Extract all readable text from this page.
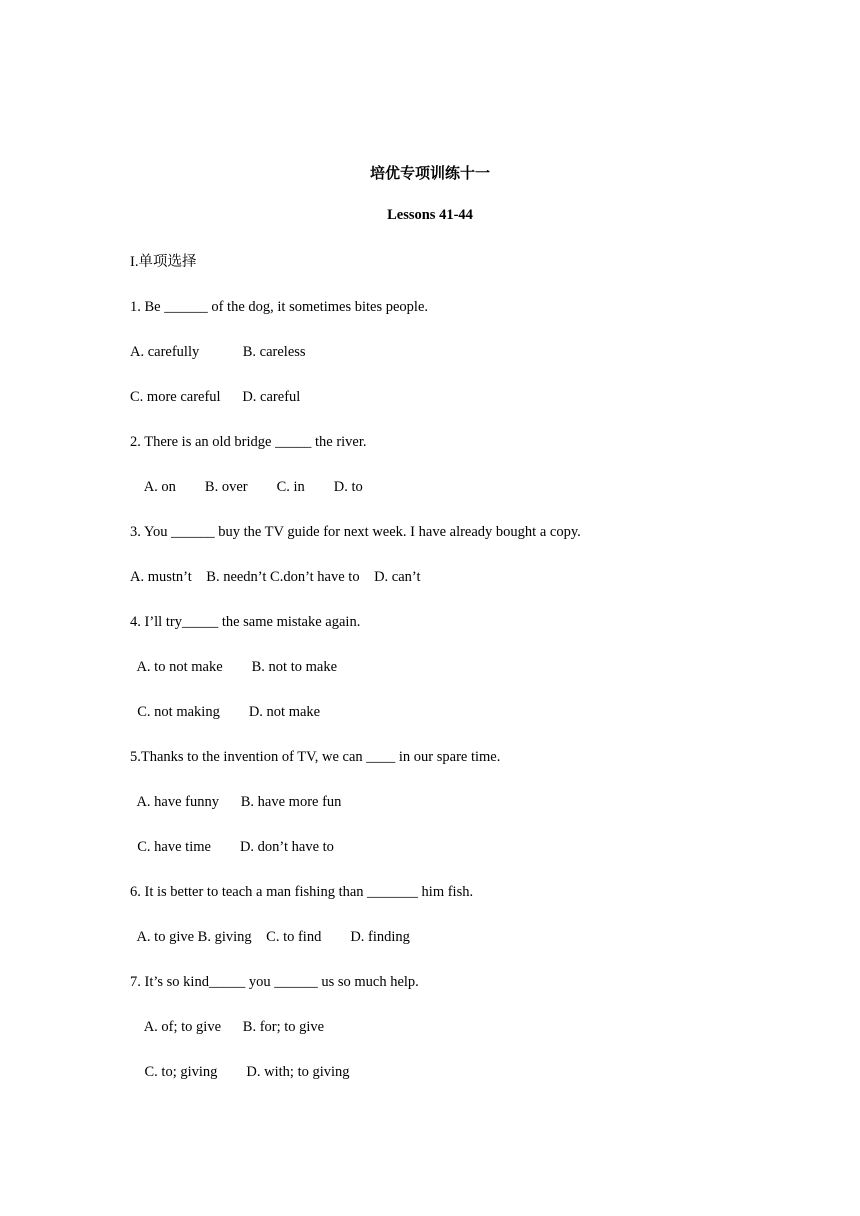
培优专项训练十一
Lessons 41-44
I.单项选择
1. Be ______ of the dog, it sometimes bites people.
A. carefully            B. careless
C. more careful      D. careful
2. There is an old bridge _____ the river.
A. on        B. over        C. in        D. to
3. You ______ buy the TV guide for next week. I have already bought a copy.
A. mustn’t    B. needn’t C.don’t have to    D. can’t
4. I’ll try_____ the same mistake again.
A. to not make        B. not to make
C. not making        D. not make
5.Thanks to the invention of TV, we can ____ in our spare time.
A. have funny      B. have more fun
C. have time        D. don’t have to
6. It is better to teach a man fishing than _______ him fish.
A. to give B. giving    C. to find        D. finding
7. It’s so kind_____ you ______ us so much help.
A. of; to give      B. for; to give
C. to; giving        D. with; to giving
